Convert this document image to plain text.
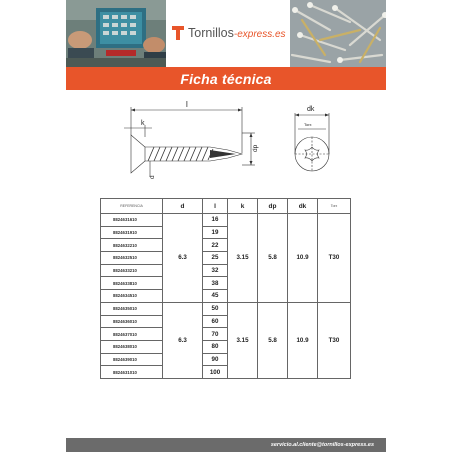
Tornillos-express.es
Ficha técnica
l
k
dp
d
dk
Torx
REFERENCIA	d	l	k	dp	dk	Torx
8824631610	6.3	16	3.15	5.8	10.9	T30
8824631910		19				
8824632210		22				
8824632510		25				
8824633210		32				
8824633810		38				
8824634510		45				
8824635010	6.3	50	3.15	5.8	10.9	T30
8824636010		60				
8824637010		70				
8824638010		80				
8824639010		90				
8824631010		100				
servicio.al.cliente@tornillos-express.es
